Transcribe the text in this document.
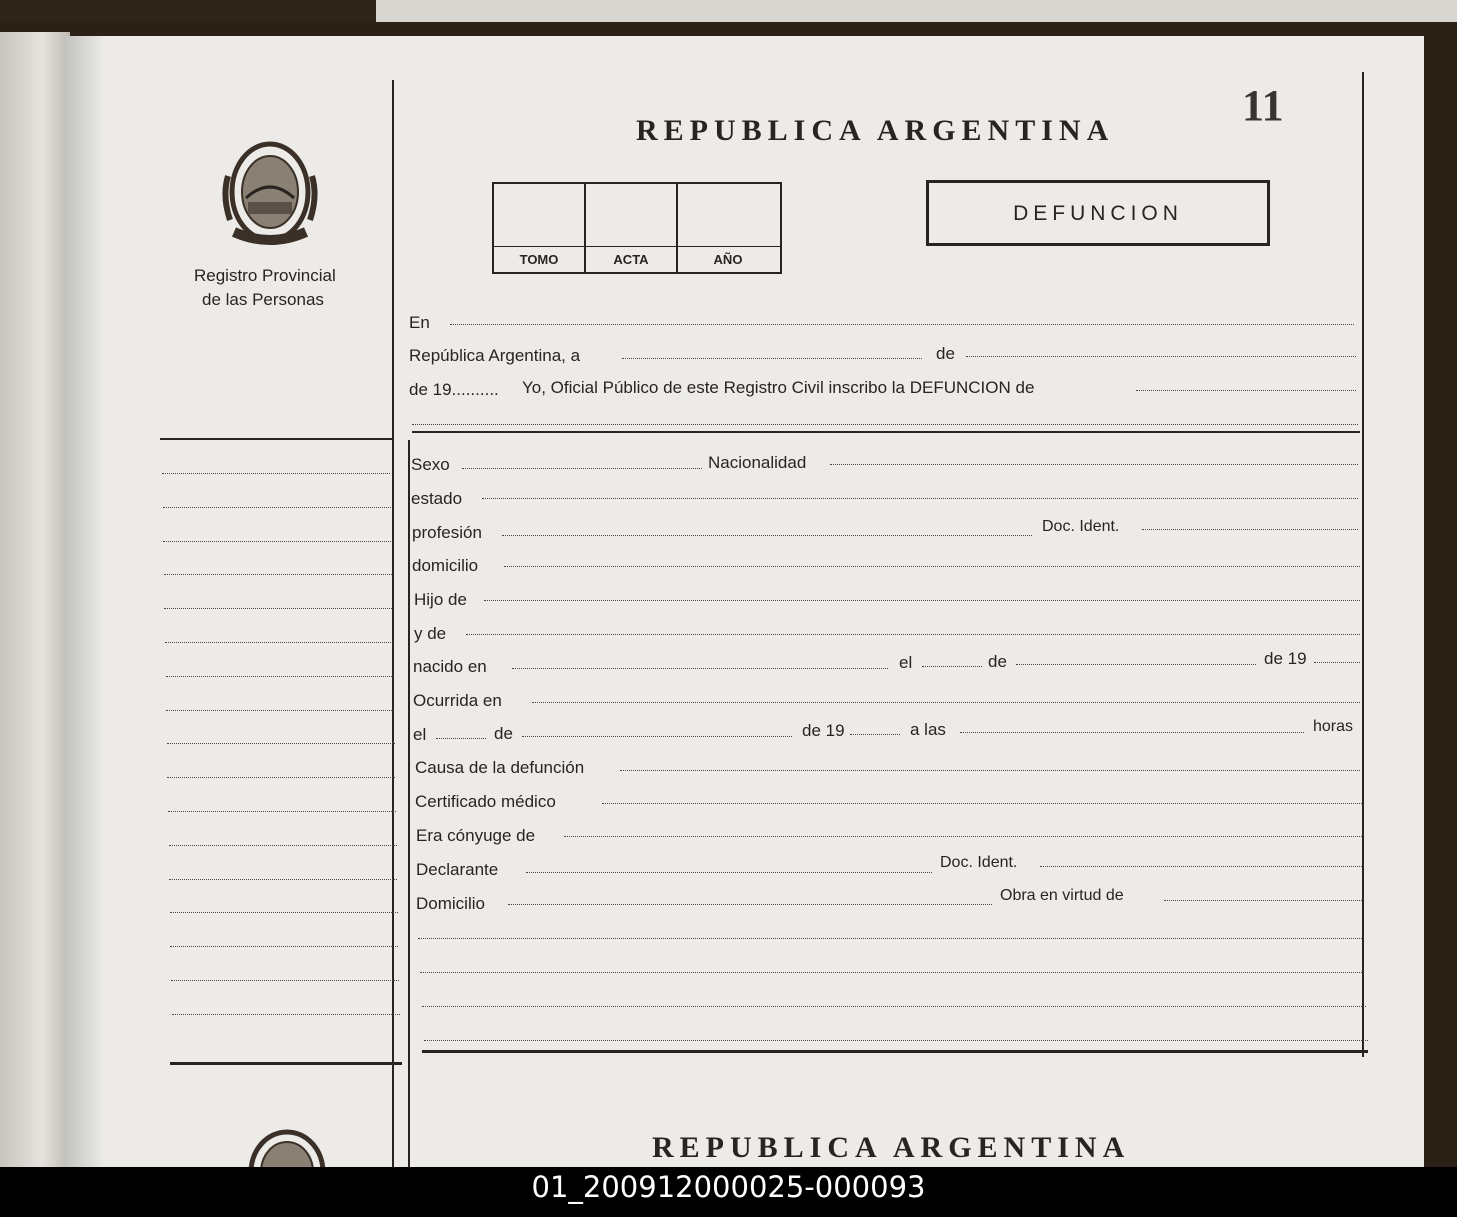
11
REPUBLICA ARGENTINA
Registro Provincial
de las Personas
TOMO	ACTA	AÑO
DEFUNCION
En
República Argentina, a	de
de 19.......... Yo, Oficial Público de este Registro Civil inscribo la DEFUNCION de
Sexo	Nacionalidad
estado
profesión	Doc. Ident.
domicilio
Hijo de
y de
nacido en	el	de	de 19
Ocurrida en
el	de	de 19	a las	horas
Causa de la defunción
Certificado médico
Era cónyuge de
Declarante	Doc. Ident.
Domicilio	Obra en virtud de
REPUBLICA ARGENTINA
01_200912000025-000093
